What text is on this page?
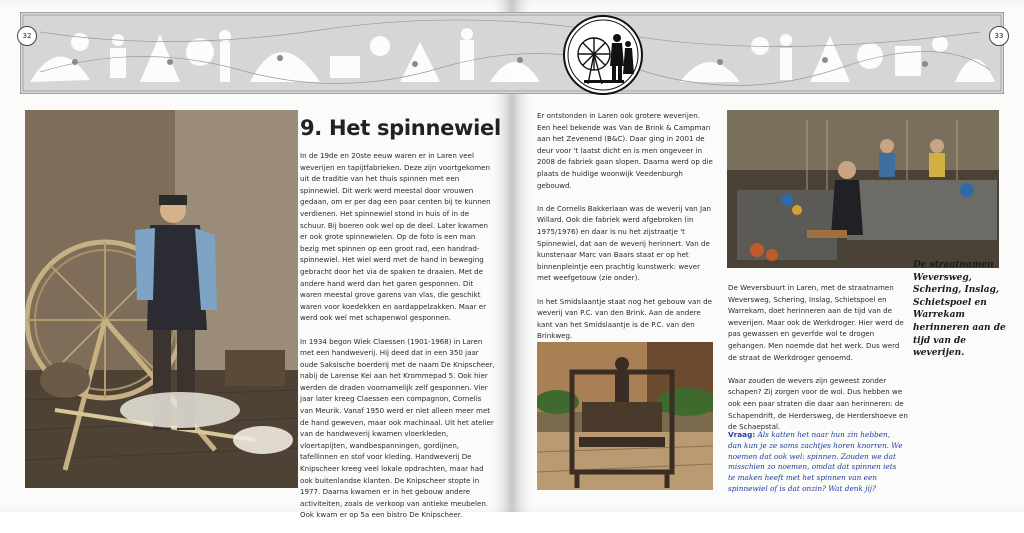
32	33
9. Het spinnewiel

In de 19de en 20ste eeuw waren er in Laren veel weverijen en tapijtfabrieken. Deze zijn voortgekomen uit de traditie van het thuis spinnen met een spinnewiel. Dit werk werd meestal door vrouwen gedaan, om er per dag een paar centen bij te kunnen verdienen. Het spinnewiel stond in huis of in de schuur. Bij boeren ook wel op de deel. Later kwamen er ook grote spinnewielen. Op de foto is een man bezig met spinnen op een groot rad, een handrad-spinnewiel. Het wiel werd met de hand in beweging gebracht door het via de spaken te draaien. Met de andere hand werd dan het garen gesponnen. Dit waren meestal grove garens van vlas, die geschikt waren voor koedekken en aardappelzakken. Maar er werd ook wel met schapenwol gesponnen.

In 1934 begon Wiek Claessen (1901-1968) in Laren met een handweverij. Hij deed dat in een 350 jaar oude Saksische boerderij met de naam De Knipscheer, nabij de Larense Kei aan het Krommepad 5. Ook hier werden de draden voornamelijk zelf gesponnen. Vier jaar later kreeg Claessen een compagnon, Cornelis van Meurik. Vanaf 1950 werd er niet alleen meer met de hand geweven, maar ook machinaal. Uit het atelier van de handweverij kwamen vloerkleden, vloertapijten, wandbespanningen, gordijnen, tafellinnen en stof voor kleding. Handweverij De Knipscheer kreeg veel lokale opdrachten, maar had ook buitenlandse klanten. De Knipscheer stopte in 1977. Daarna kwamen er in het gebouw andere activiteiten, zoals de verkoop van antieke meubelen. Ook kwam er op 5a een bistro De Knipscheer.

Er ontstonden in Laren ook grotere weverijen. Een heel bekende was Van de Brink & Campman aan het Zevenend (B&C). Daar ging in 2001 de deur voor 't laatst dicht en is men ongeveer in 2008 de fabriek gaan slopen. Daarna werd op die plaats de huidige woonwijk Veedenburgh gebouwd.

In de Cornelis Bakkerlaan was de weverij van Jan Willard. Ook die fabriek werd afgebroken (in 1975/1976) en daar is nu het zijstraatje 't Spinnewiel, dat aan de weverij herinnert. Van de kunstenaar Marc van Baars staat er op het binnenpleintje een prachtig kunstwerk: wever met weefgetouw (zie onder).

In het Smidslaantje staat nog het gebouw van de weverij van P.C. van den Brink. Aan de andere kant van het Smidslaantje is de P.C. van den Brinkweg.

De straatnamen Weversweg, Schering, Inslag, Schietspoel en Warrekam herinneren aan de tijd van de weverijen.

De Weversbuurt in Laren, met de straatnamen Weversweg, Schering, Inslag, Schietspoel en Warrekam, doet herinneren aan de tijd van de weverijen. Maar ook de Werkdroger. Hier werd de pas gewassen en geverfde wol te drogen gehangen. Men noemde dat het werk. Dus werd de straat de Werkdroger genoemd.

Waar zouden de wevers zijn geweest zonder schapen? Zij zorgen voor de wol. Dus hebben we ook een paar straten die daar aan herinneren: de Schapendrift, de Herdersweg, de Herdershoeve en de Schaepstal.

Vraag: Als katten het naar hun zin hebben, dan kun je ze soms zachtjes horen knorren. We noemen dat ook wel: spinnen. Zouden we dat misschien zo noemen, omdat dat spinnen iets te maken heeft met het spinnen van een spinnewiel of is dat onzin? Wat denk jij?
